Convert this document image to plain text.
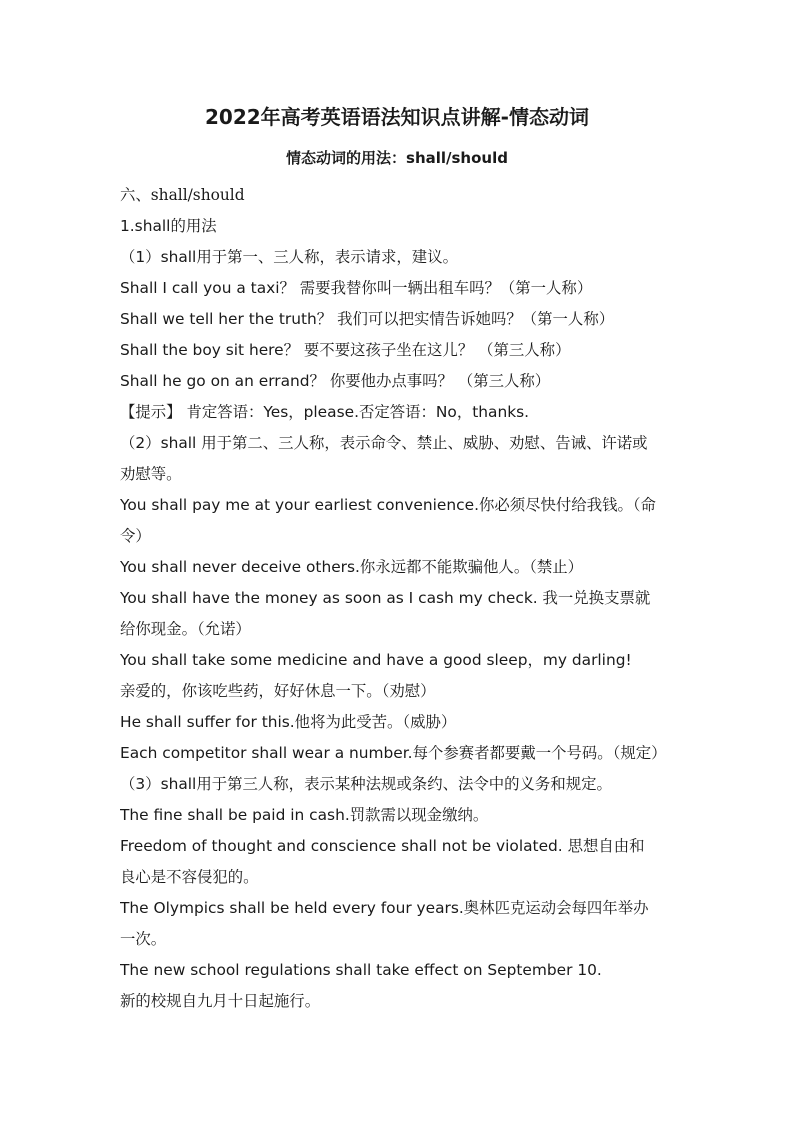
2022年高考英语语法知识点讲解-情态动词
情态动词的用法：shall/should
六、shall/should
1.shall的用法
（1）shall用于第一、三人称，表示请求，建议。
Shall I call you a taxi？ 需要我替你叫一辆出租车吗？（第一人称）
Shall we tell her the truth？ 我们可以把实情告诉她吗？（第一人称）
Shall the boy sit here？ 要不要这孩子坐在这儿？ （第三人称）
Shall he go on an errand？ 你要他办点事吗？ （第三人称）
【提示】 肯定答语：Yes，please.否定答语：No，thanks.
（2）shall 用于第二、三人称，表示命令、禁止、威胁、劝慰、告诫、许诺或
劝慰等。
You shall pay me at your earliest convenience.你必须尽快付给我钱。（命
令）
You shall never deceive others.你永远都不能欺骗他人。（禁止）
You shall have the money as soon as I cash my check. 我一兑换支票就
给你现金。（允诺）
You shall take some medicine and have a good sleep，my darling!
亲爱的，你该吃些药，好好休息一下。（劝慰）
He shall suffer for this.他将为此受苦。（威胁）
Each competitor shall wear a number.每个参赛者都要戴一个号码。（规定）
（3）shall用于第三人称，表示某种法规或条约、法令中的义务和规定。
The fine shall be paid in cash.罚款需以现金缴纳。
Freedom of thought and conscience shall not be violated. 思想自由和
良心是不容侵犯的。
The Olympics shall be held every four years.奥林匹克运动会每四年举办
一次。
The new school regulations shall take effect on September 10.
新的校规自九月十日起施行。
